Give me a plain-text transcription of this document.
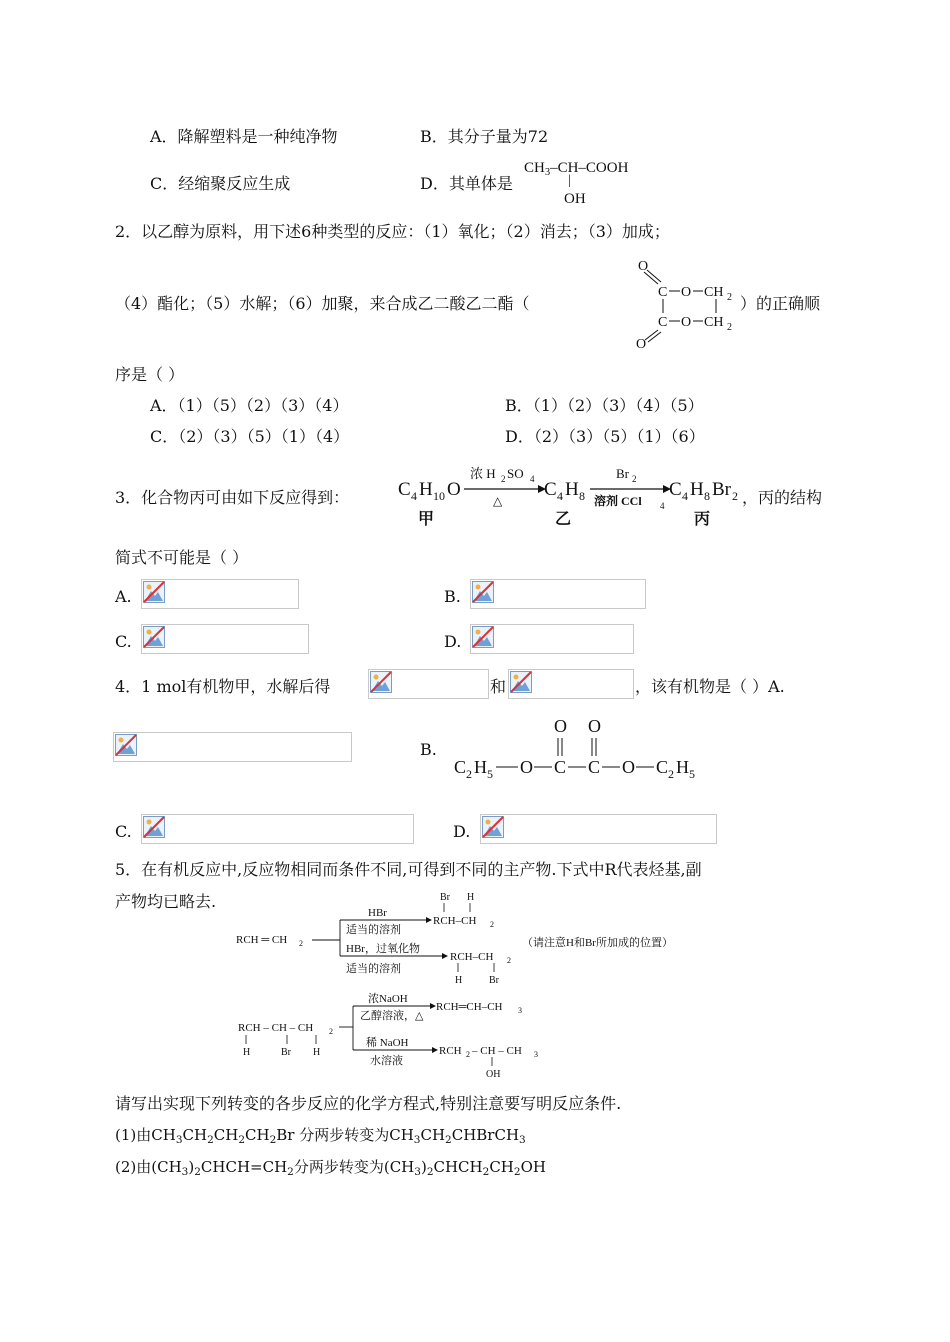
A．降解塑料是一种纯净物	B．其分子量为72
C．经缩聚反应生成	D．其单体是
$CH_3-CH$–COOH
|
OH
2．以乙醇为原料，用下述6种类型的反应：（1）氧化；（2）消去；（3）加成；
（4）酯化；（5）水解；（6）加聚，来合成乙二酸乙二酯（	）的正确顺
O
C O CH 2
C O CH 2
O
序是（ ）
A．（1）（5）（2）（3）（4）	B．（1）（2）（3）（4）（5）
C．（2）（3）（5）（1）（4）	D．（2）（3）（5）（1）（6）
3．化合物丙可由如下反应得到：	C 4 H 10 O
浓 H 2 SO 4
△
C 4 H 8
Br 2
溶剂 CCl 4
C 4 H 8 Br 2
甲	乙	丙
，丙的结构
简式不可能是（ ）
A.	B.
C.	D.
4．1 mol有机物甲，水解后得	和	，该有机物是（ ）A.
B.
O O
C 2 H 5 O C C O C 2 H 5
C.	D.
5．在有机反应中,反应物相同而条件不同,可得到不同的主产物.下式中R代表烃基,副
产物均已略去.
RCH ═ CH 2
HBr
适当的溶剂
HBr，过氧化物
适当的溶剂
Br H
RCH–CH 2
RCH–CH 2
H	Br
（请注意H和Br所加成的位置）
RCH – CH – CH 2
H	Br H
浓NaOH
乙醇溶液，△
稀 NaOH
水溶液
RCH═CH–CH 3
RCH 2 – CH – CH 3
OH
请写出实现下列转变的各步反应的化学方程式,特别注意要写明反应条件.
(1)由$CH_3CH_2CH_2CH_2Br$ 分两步转变为$CH_3CH_2CHBrCH_3$
(2)由$(CH_3)_2CHCH=CH_2$分两步转变为$(CH_3)_2CHCH_2CH_2OH$
